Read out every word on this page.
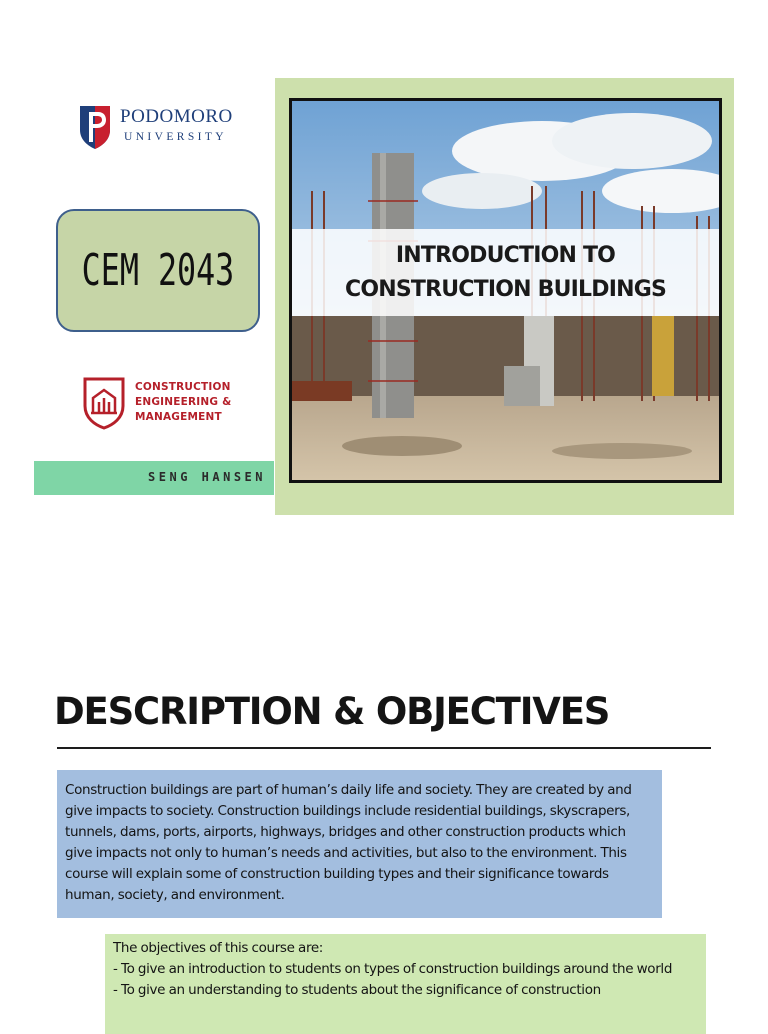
PODOMORO
UNIVERSITY
CEM 2043
CONSTRUCTION
ENGINEERING &
MANAGEMENT
SENG HANSEN
INTRODUCTION TO
CONSTRUCTION BUILDINGS
DESCRIPTION & OBJECTIVES

Construction buildings are part of human’s daily life and society. They are created by and give impacts to society. Construction buildings include residential buildings, skyscrapers, tunnels, dams, ports, airports, highways, bridges and other construction products which give impacts not only to human’s needs and activities, but also to the environment. This course will explain some of construction building types and their significance towards human, society, and environment.

The objectives of this course are:

- To give an introduction to students on types of construction buildings around the world

- To give an understanding to students about the significance of construction
